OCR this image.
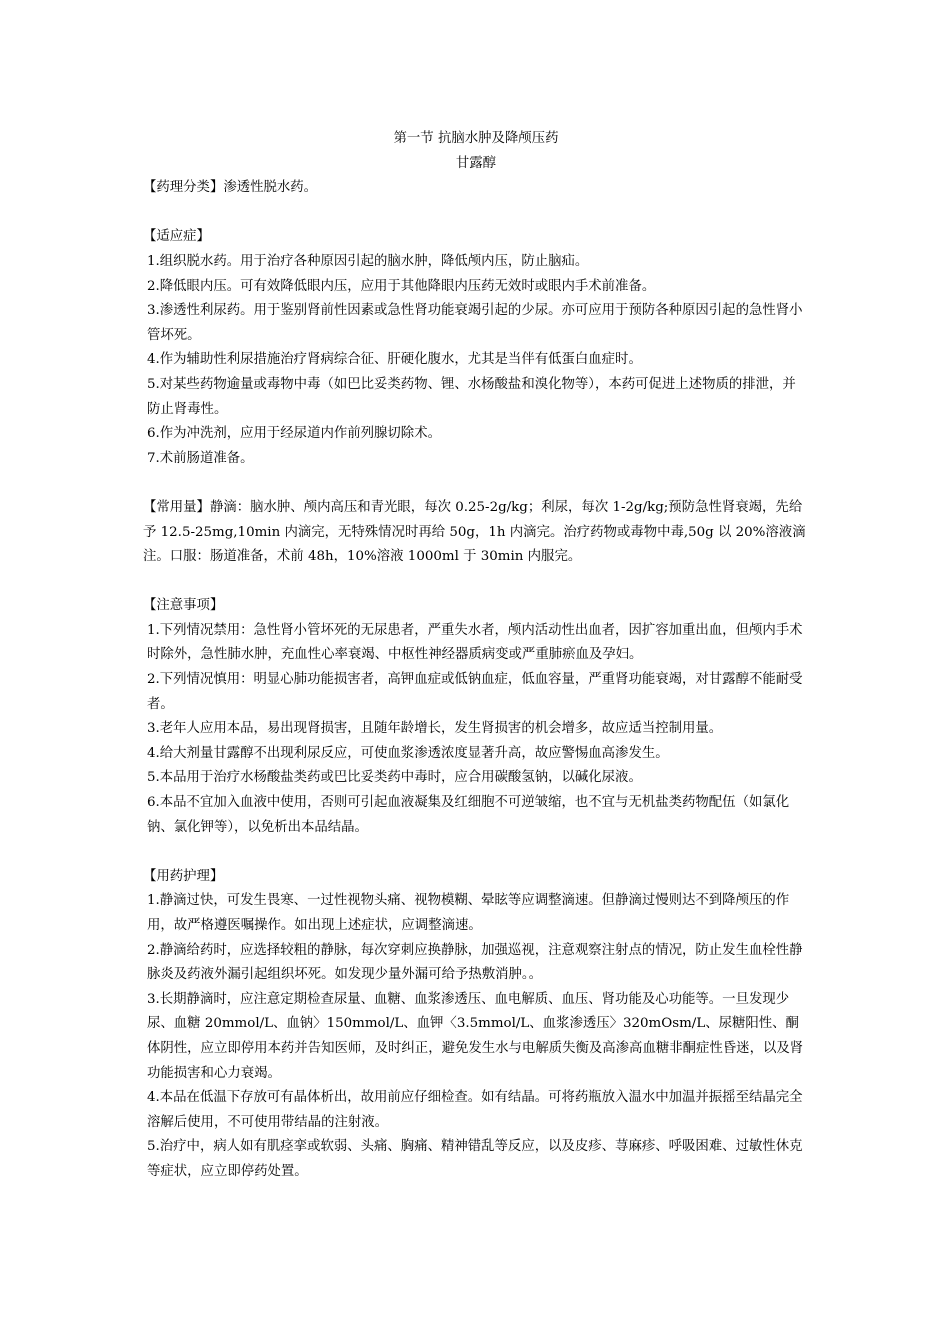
第一节 抗脑水肿及降颅压药

甘露醇

【药理分类】渗透性脱水药。

【适应症】

1.组织脱水药。用于治疗各种原因引起的脑水肿，降低颅内压，防止脑疝。

2.降低眼内压。可有效降低眼内压，应用于其他降眼内压药无效时或眼内手术前准备。

3.渗透性利尿药。用于鉴别肾前性因素或急性肾功能衰竭引起的少尿。亦可应用于预防各种原因引起的急性肾小管坏死。

4.作为辅助性利尿措施治疗肾病综合征、肝硬化腹水，尤其是当伴有低蛋白血症时。

5.对某些药物逾量或毒物中毒（如巴比妥类药物、锂、水杨酸盐和溴化物等），本药可促进上述物质的排泄，并防止肾毒性。

6.作为冲洗剂，应用于经尿道内作前列腺切除术。

7.术前肠道准备。

【常用量】静滴：脑水肿、颅内高压和青光眼，每次 0.25-2g/kg；利尿，每次 1-2g/kg;预防急性肾衰竭，先给予 12.5-25mg,10min 内滴完，无特殊情况时再给 50g，1h 内滴完。治疗药物或毒物中毒,50g 以 20%溶液滴注。口服：肠道准备，术前 48h，10%溶液 1000ml 于 30min 内服完。

【注意事项】

1.下列情况禁用：急性肾小管坏死的无尿患者，严重失水者，颅内活动性出血者，因扩容加重出血，但颅内手术时除外，急性肺水肿，充血性心率衰竭、中枢性神经器质病变或严重肺瘀血及孕妇。

2.下列情况慎用：明显心肺功能损害者，高钾血症或低钠血症，低血容量，严重肾功能衰竭，对甘露醇不能耐受者。

3.老年人应用本品，易出现肾损害，且随年龄增长，发生肾损害的机会增多，故应适当控制用量。

4.给大剂量甘露醇不出现利尿反应，可使血浆渗透浓度显著升高，故应警惕血高渗发生。

5.本品用于治疗水杨酸盐类药或巴比妥类药中毒时，应合用碳酸氢钠，以碱化尿液。

6.本品不宜加入血液中使用，否则可引起血液凝集及红细胞不可逆皱缩，也不宜与无机盐类药物配伍（如氯化钠、氯化钾等），以免析出本品结晶。

【用药护理】

1.静滴过快，可发生畏寒、一过性视物头痛、视物模糊、晕眩等应调整滴速。但静滴过慢则达不到降颅压的作用，故严格遵医嘱操作。如出现上述症状，应调整滴速。

2.静滴给药时，应选择较粗的静脉，每次穿刺应换静脉，加强巡视，注意观察注射点的情况，防止发生血栓性静脉炎及药液外漏引起组织坏死。如发现少量外漏可给予热敷消肿。。

3.长期静滴时，应注意定期检查尿量、血糖、血浆渗透压、血电解质、血压、肾功能及心功能等。一旦发现少尿、血糖 20mmol/L、血钠〉150mmol/L、血钾〈3.5mmol/L、血浆渗透压〉320mOsm/L、尿糖阳性、酮体阴性，应立即停用本药并告知医师，及时纠正，避免发生水与电解质失衡及高渗高血糖非酮症性昏迷，以及肾功能损害和心力衰竭。

4.本品在低温下存放可有晶体析出，故用前应仔细检查。如有结晶。可将药瓶放入温水中加温并振摇至结晶完全溶解后使用，不可使用带结晶的注射液。

5.治疗中，病人如有肌痉挛或软弱、头痛、胸痛、精神错乱等反应，以及皮疹、荨麻疹、呼吸困难、过敏性休克等症状，应立即停药处置。
